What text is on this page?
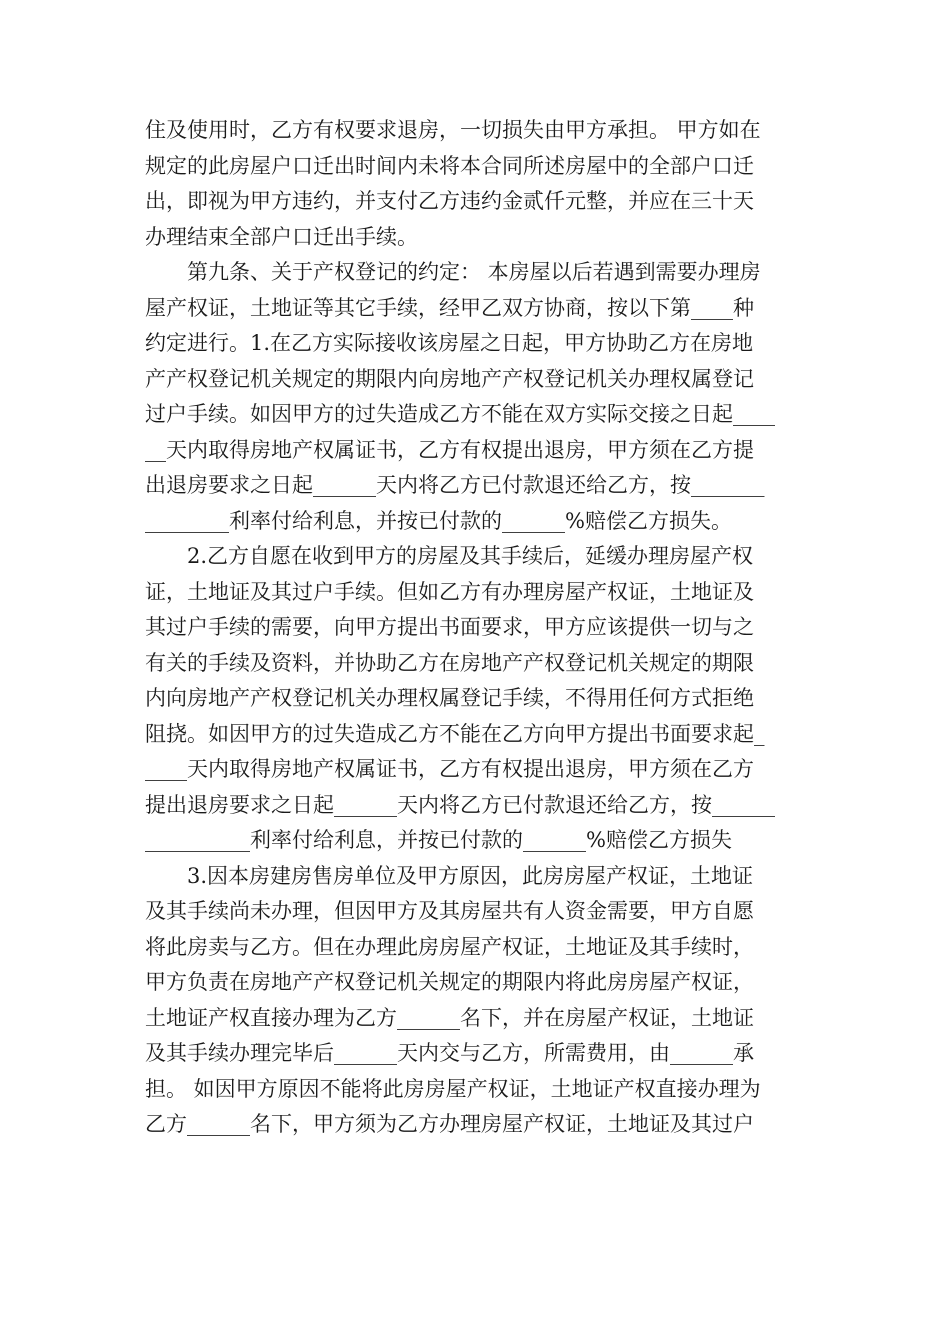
住及使用时，乙方有权要求退房，一切损失由甲方承担。 甲方如在
规定的此房屋户口迁出时间内未将本合同所述房屋中的全部户口迁
出，即视为甲方违约，并支付乙方违约金贰仟元整，并应在三十天
办理结束全部户口迁出手续。
第九条、关于产权登记的约定： 本房屋以后若遇到需要办理房
屋产权证，土地证等其它手续，经甲乙双方协商，按以下第____种
约定进行。1.在乙方实际接收该房屋之日起，甲方协助乙方在房地
产产权登记机关规定的期限内向房地产产权登记机关办理权属登记
过户手续。如因甲方的过失造成乙方不能在双方实际交接之日起____
__天内取得房地产权属证书，乙方有权提出退房，甲方须在乙方提
出退房要求之日起______天内将乙方已付款退还给乙方，按_______
________利率付给利息，并按已付款的______%赔偿乙方损失。
2.乙方自愿在收到甲方的房屋及其手续后，延缓办理房屋产权
证，土地证及其过户手续。但如乙方有办理房屋产权证，土地证及
其过户手续的需要，向甲方提出书面要求，甲方应该提供一切与之
有关的手续及资料，并协助乙方在房地产产权登记机关规定的期限
内向房地产产权登记机关办理权属登记手续，不得用任何方式拒绝
阻挠。如因甲方的过失造成乙方不能在乙方向甲方提出书面要求起_
____天内取得房地产权属证书，乙方有权提出退房，甲方须在乙方
提出退房要求之日起______天内将乙方已付款退还给乙方，按______
__________利率付给利息，并按已付款的______%赔偿乙方损失
3.因本房建房售房单位及甲方原因，此房房屋产权证，土地证
及其手续尚未办理，但因甲方及其房屋共有人资金需要，甲方自愿
将此房卖与乙方。但在办理此房房屋产权证，土地证及其手续时，
甲方负责在房地产产权登记机关规定的期限内将此房房屋产权证，
土地证产权直接办理为乙方______名下，并在房屋产权证，土地证
及其手续办理完毕后______天内交与乙方，所需费用，由______承
担。 如因甲方原因不能将此房房屋产权证，土地证产权直接办理为
乙方______名下，甲方须为乙方办理房屋产权证，土地证及其过户
